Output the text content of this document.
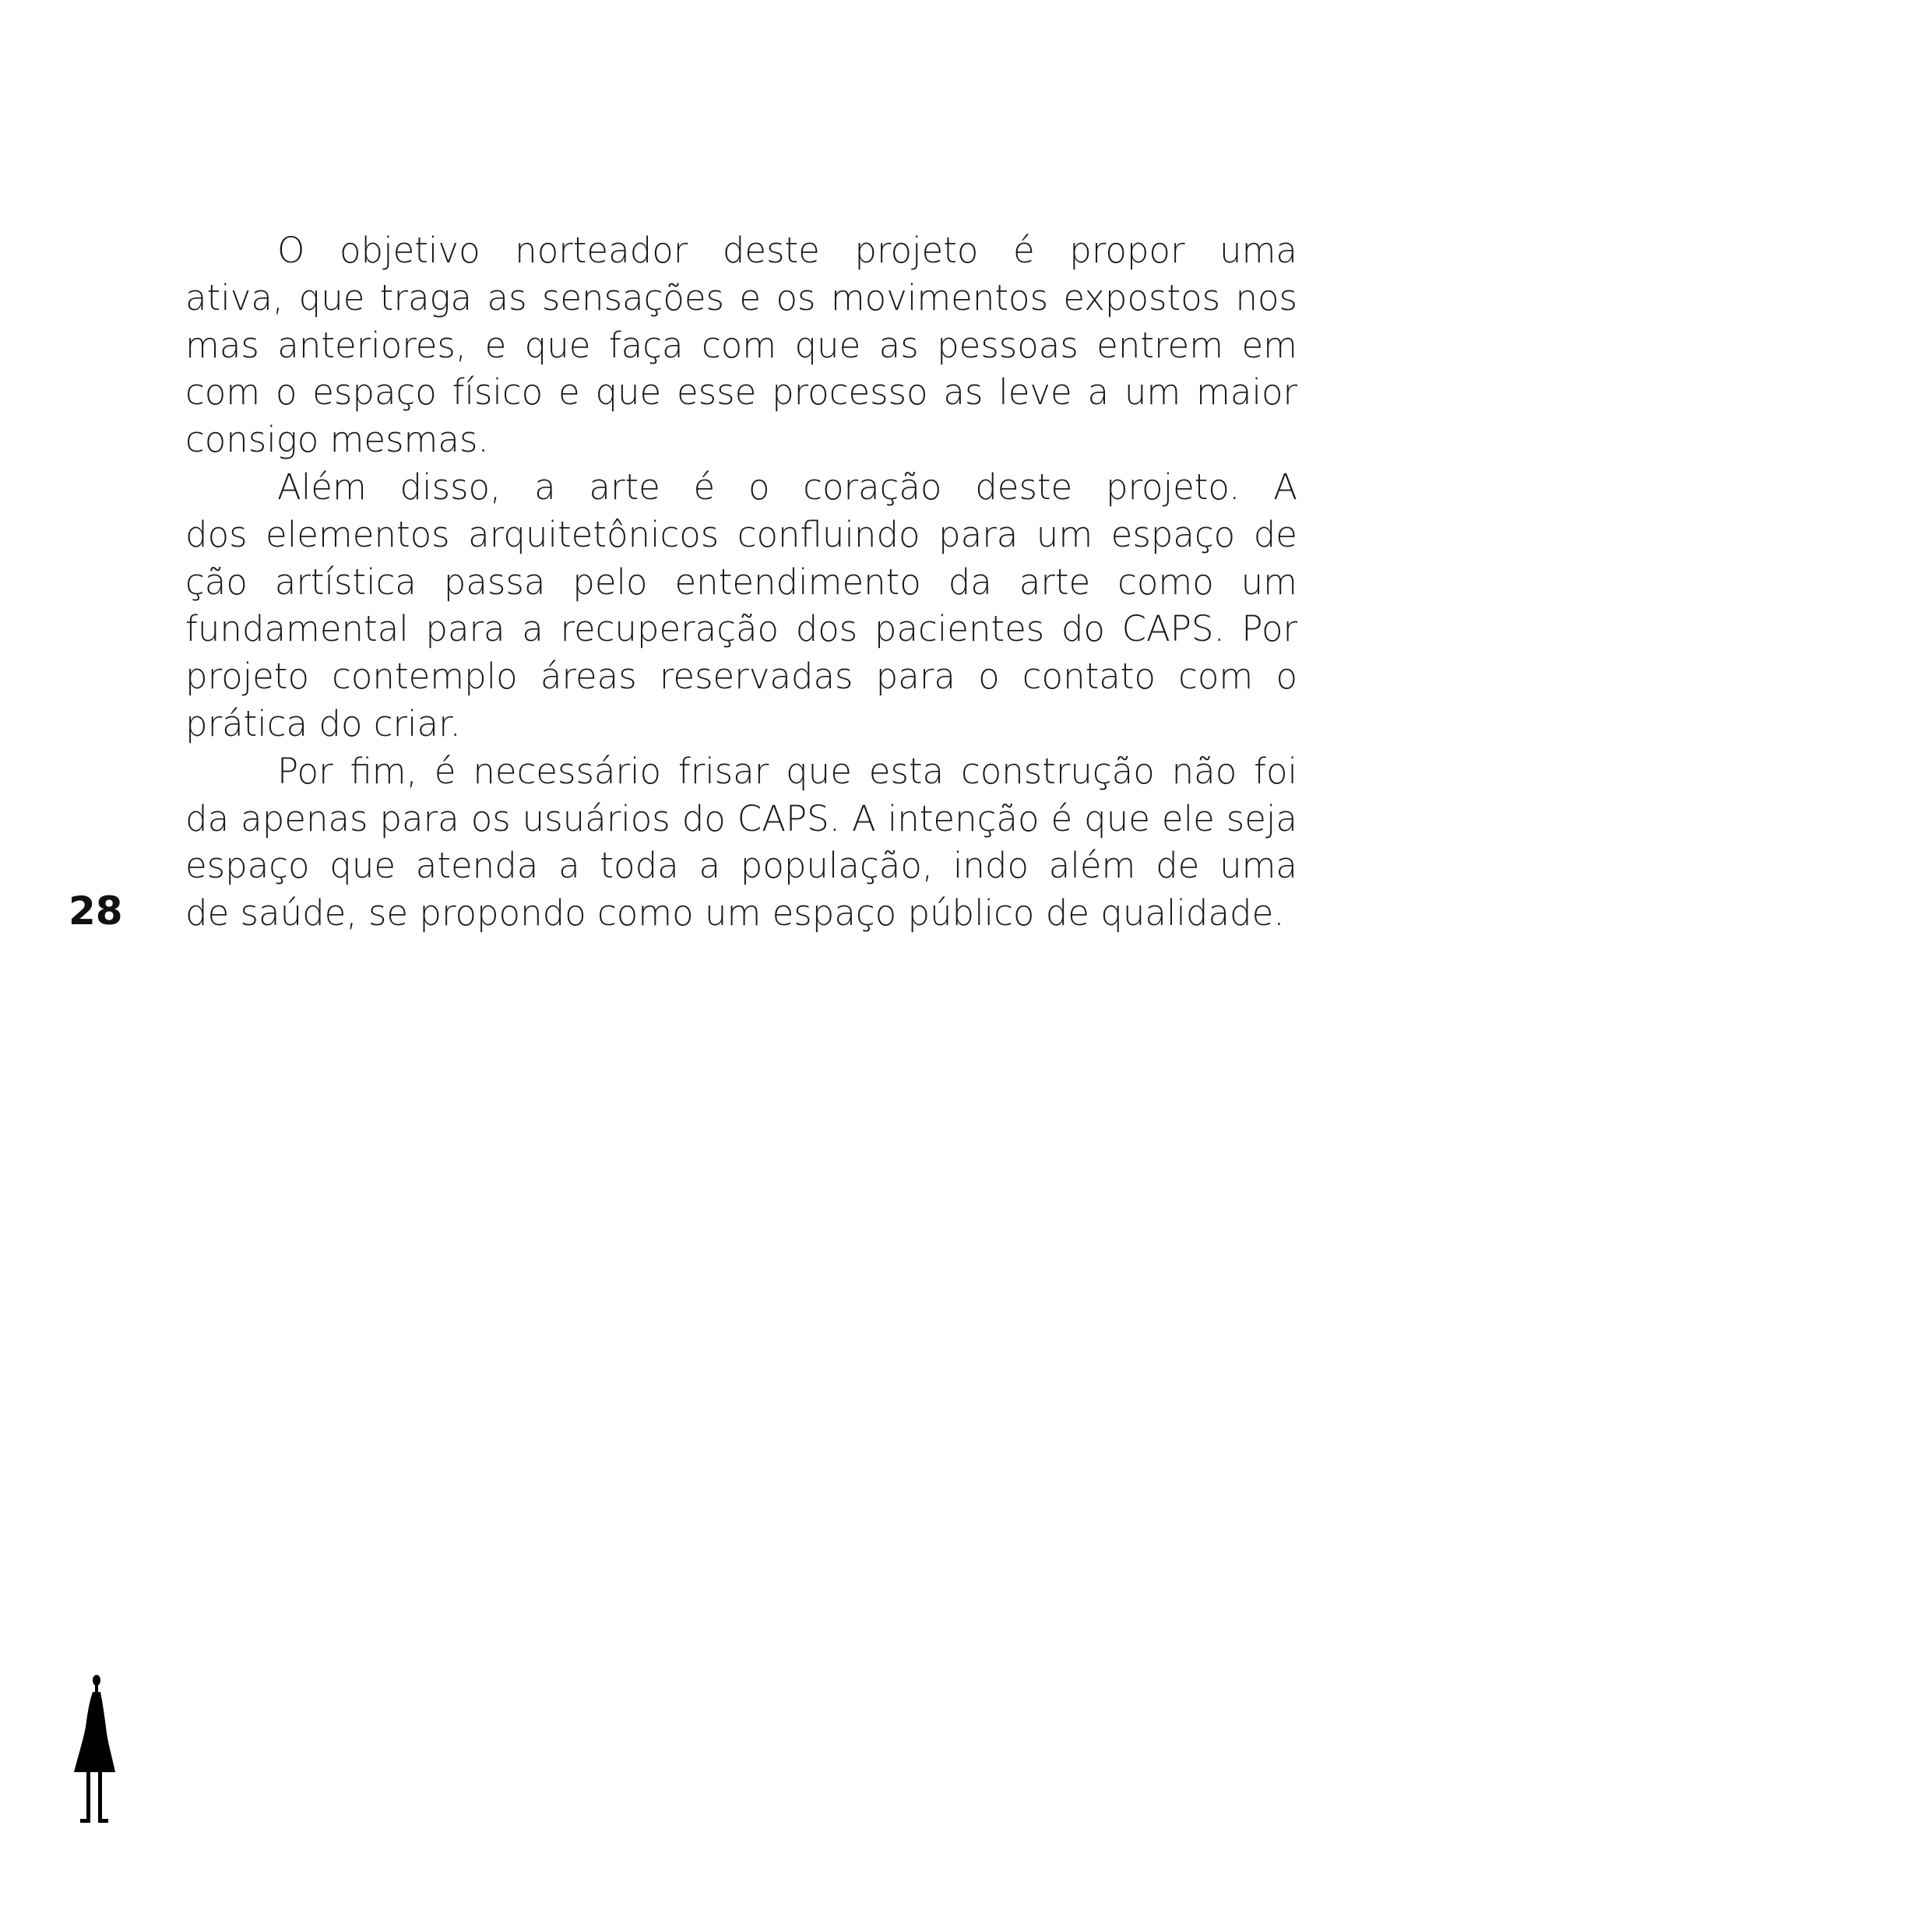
O objetivo norteador deste projeto é propor uma
ativa, que traga as sensações e os movimentos expostos nos
mas anteriores, e que faça com que as pessoas entrem em
com o espaço físico e que esse processo as leve a um maior
consigo mesmas.
Além disso, a arte é o coração deste projeto. A
dos elementos arquitetônicos confluindo para um espaço de
ção artística passa pelo entendimento da arte como um
fundamental para a recuperação dos pacientes do CAPS. Por
projeto contemplo áreas reservadas para o contato com o
prática do criar.
Por fim, é necessário frisar que esta construção não foi
da apenas para os usuários do CAPS. A intenção é que ele seja
espaço que atenda a toda a população, indo além de uma
de saúde, se propondo como um espaço público de qualidade.
28
